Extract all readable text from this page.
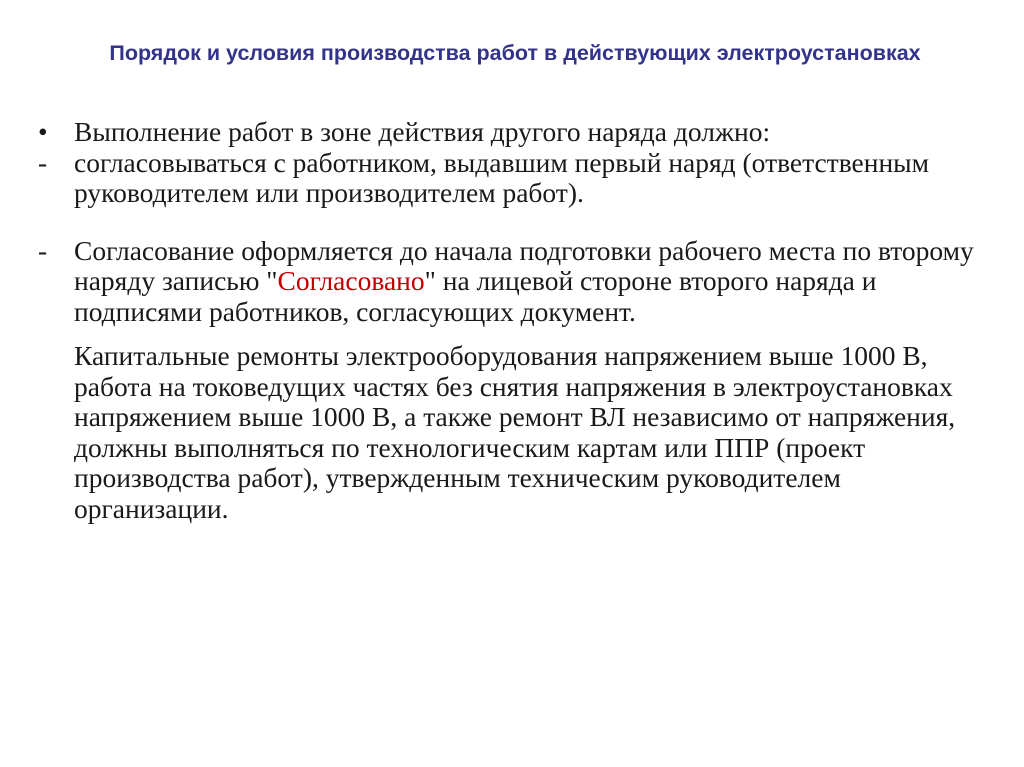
Порядок и условия производства работ в действующих электроустановках
• Выполнение работ в зоне действия другого наряда должно:
- согласовываться с работником, выдавшим первый наряд (ответственным руководителем или производителем работ).
- Согласование оформляется до начала подготовки рабочего места по второму наряду записью "Согласовано" на лицевой стороне второго наряда и подписями работников, согласующих документ.
Капитальные ремонты электрооборудования напряжением выше 1000 В, работа на токоведущих частях без снятия напряжения в электроустановках напряжением выше 1000 В, а также ремонт ВЛ независимо от напряжения, должны выполняться по технологическим картам или ППР (проект производства работ), утвержденным техническим руководителем организации.
